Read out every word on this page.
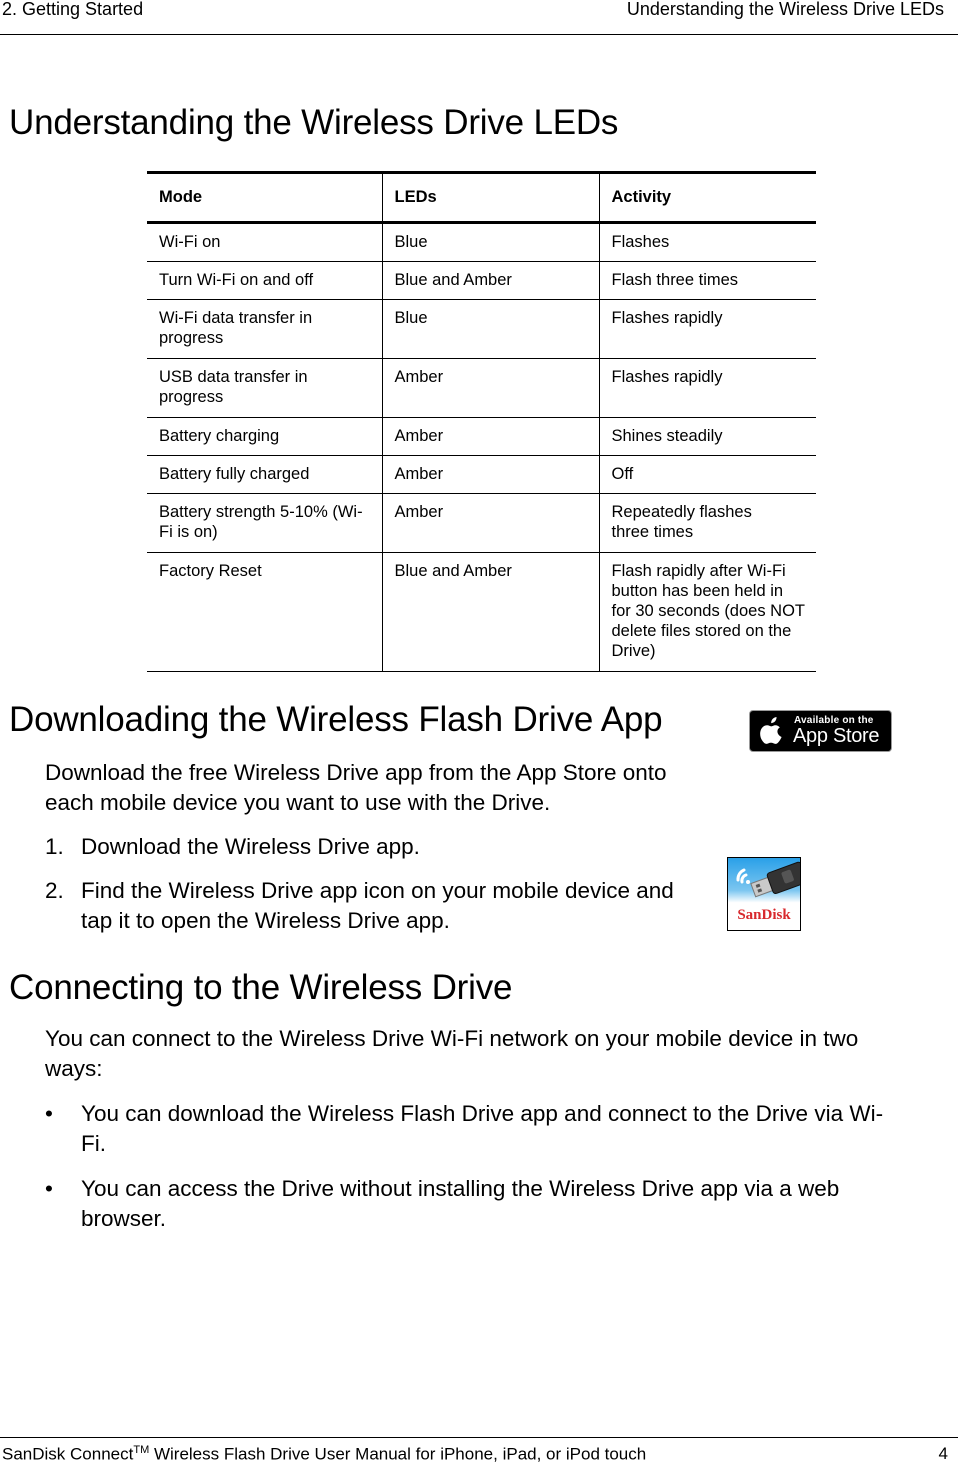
2. Getting Started	Understanding the Wireless Drive LEDs
Understanding the Wireless Drive LEDs
Mode	LEDs	Activity
Wi-Fi on	Blue	Flashes
Turn Wi-Fi on and off	Blue and Amber	Flash three times
Wi-Fi data transfer in progress	Blue	Flashes rapidly
USB data transfer in progress	Amber	Flashes rapidly
Battery charging	Amber	Shines steadily
Battery fully charged	Amber	Off
Battery strength 5-10% (Wi-Fi is on)	Amber	Repeatedly flashes three times
Factory Reset	Blue and Amber	Flash rapidly after Wi-Fi button has been held in for 30 seconds (does NOT delete files stored on the Drive)
Downloading the Wireless Flash Drive App	Available on the
App Store

Download the free Wireless Drive app from the App Store onto
each mobile device you want to use with the Drive.

1. Download the Wireless Drive app.
2. Find the Wireless Drive app icon on your mobile device and
tap it to open the Wireless Drive app.	SanDisk
Connecting to the Wireless Drive

You can connect to the Wireless Drive Wi-Fi network on your mobile device in two
ways:

• You can download the Wireless Flash Drive app and connect to the Drive via Wi-
Fi.
• You can access the Drive without installing the Wireless Drive app via a web
browser.
SanDisk Connect™ Wireless Flash Drive User Manual for iPhone, iPad, or iPod touch	4
